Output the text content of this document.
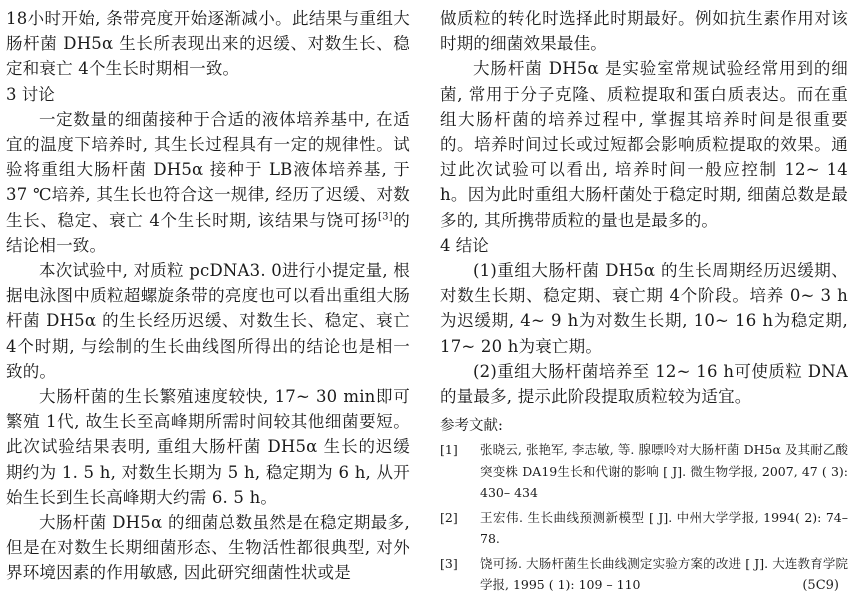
18小时开始, 条带亮度开始逐渐减小。此结果与重组大肠杆菌 DH5α 生长所表现出来的迟缓、对数生长、稳定和衰亡 4个生长时期相一致。

3 讨论

一定数量的细菌接种于合适的液体培养基中, 在适宜的温度下培养时, 其生长过程具有一定的规律性。试验将重组大肠杆菌 DH5α 接种于 LB液体培养基, 于 37 ℃培养, 其生长也符合这一规律, 经历了迟缓、对数生长、稳定、衰亡 4个生长时期, 该结果与饶可扬[3]的结论相一致。

本次试验中, 对质粒 pcDNA3. 0进行小提定量, 根据电泳图中质粒超螺旋条带的亮度也可以看出重组大肠杆菌 DH5α 的生长经历迟缓、对数生长、稳定、衰亡 4个时期, 与绘制的生长曲线图所得出的结论也是相一致的。

大肠杆菌的生长繁殖速度较快, 17~ 30 min即可繁殖 1代, 故生长至高峰期所需时间较其他细菌要短。此次试验结果表明, 重组大肠杆菌 DH5α 生长的迟缓期约为 1. 5 h, 对数生长期为 5 h, 稳定期为 6 h, 从开始生长到生长高峰期大约需 6. 5 h。

大肠杆菌 DH5α 的细菌总数虽然是在稳定期最多, 但是在对数生长期细菌形态、生物活性都很典型, 对外界环境因素的作用敏感, 因此研究细菌性状或是

做质粒的转化时选择此时期最好。例如抗生素作用对该时期的细菌效果最佳。

大肠杆菌 DH5α 是实验室常规试验经常用到的细菌, 常用于分子克隆、质粒提取和蛋白质表达。而在重组大肠杆菌的培养过程中, 掌握其培养时间是很重要的。培养时间过长或过短都会影响质粒提取的效果。通过此次试验可以看出, 培养时间一般应控制 12~ 14 h。因为此时重组大肠杆菌处于稳定时期, 细菌总数是最多的, 其所携带质粒的量也是最多的。

4 结论

(1)重组大肠杆菌 DH5α 的生长周期经历迟缓期、对数生长期、稳定期、衰亡期 4个阶段。培养 0~ 3 h为迟缓期, 4~ 9 h为对数生长期, 10~ 16 h为稳定期, 17~ 20 h为衰亡期。

(2)重组大肠杆菌培养至 12~ 16 h可使质粒 DNA的量最多, 提示此阶段提取质粒较为适宜。

参考文献:
[1] 张晓云, 张艳军, 李志敏, 等. 腺嘌呤对大肠杆菌 DH5α 及其耐乙酸突变株 DA19生长和代谢的影响 [ J]. 微生物学报, 2007, 47 ( 3): 430– 434
[2] 王宏伟. 生长曲线预测新模型 [ J]. 中州大学学报, 1994( 2): 74– 78.
[3] 饶可扬. 大肠杆菌生长曲线测定实验方案的改进 [ J]. 大连教育学院学报, 1995 ( 1): 109 – 110	(5C9)
